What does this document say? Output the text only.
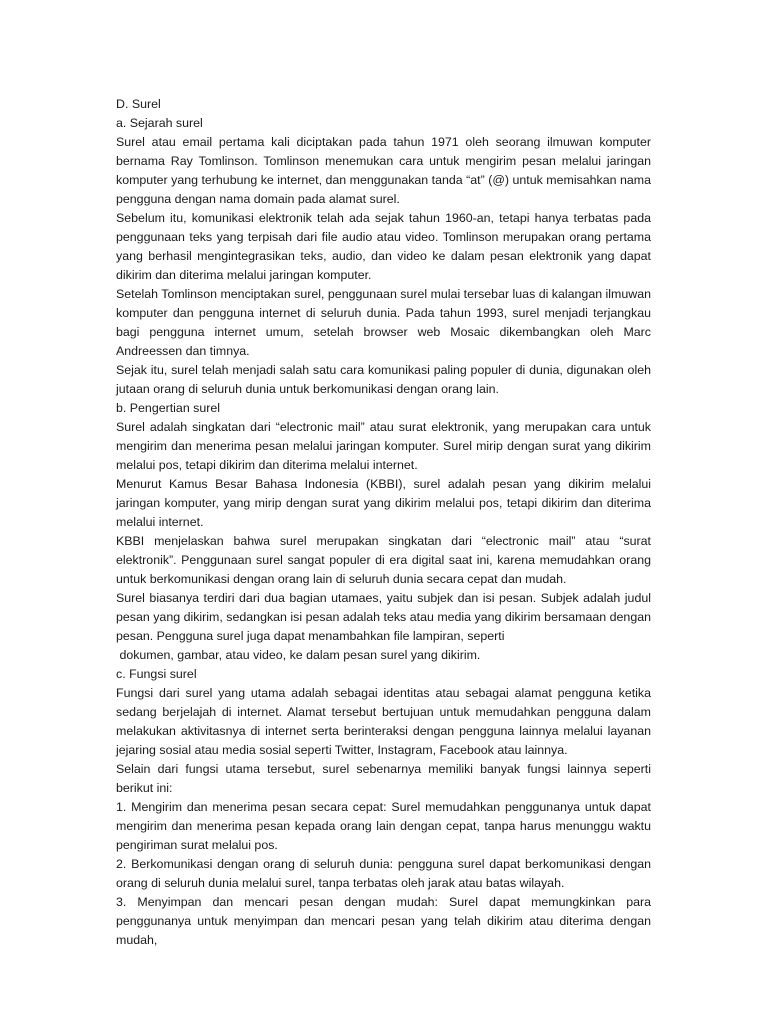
D. Surel

a. Sejarah surel

Surel atau email pertama kali diciptakan pada tahun 1971 oleh seorang ilmuwan komputer bernama Ray Tomlinson. Tomlinson menemukan cara untuk mengirim pesan melalui jaringan komputer yang terhubung ke internet, dan menggunakan tanda “at” (@) untuk memisahkan nama pengguna dengan nama domain pada alamat surel.

Sebelum itu, komunikasi elektronik telah ada sejak tahun 1960-an, tetapi hanya terbatas pada penggunaan teks yang terpisah dari file audio atau video. Tomlinson merupakan orang pertama yang berhasil mengintegrasikan teks, audio, dan video ke dalam pesan elektronik yang dapat dikirim dan diterima melalui jaringan komputer.

Setelah Tomlinson menciptakan surel, penggunaan surel mulai tersebar luas di kalangan ilmuwan komputer dan pengguna internet di seluruh dunia. Pada tahun 1993, surel menjadi terjangkau bagi pengguna internet umum, setelah browser web Mosaic dikembangkan oleh Marc Andreessen dan timnya.

Sejak itu, surel telah menjadi salah satu cara komunikasi paling populer di dunia, digunakan oleh jutaan orang di seluruh dunia untuk berkomunikasi dengan orang lain.

b. Pengertian surel

Surel adalah singkatan dari “electronic mail” atau surat elektronik, yang merupakan cara untuk mengirim dan menerima pesan melalui jaringan komputer. Surel mirip dengan surat yang dikirim melalui pos, tetapi dikirim dan diterima melalui internet.

Menurut Kamus Besar Bahasa Indonesia (KBBI), surel adalah pesan yang dikirim melalui jaringan komputer, yang mirip dengan surat yang dikirim melalui pos, tetapi dikirim dan diterima melalui internet.

KBBI menjelaskan bahwa surel merupakan singkatan dari “electronic mail” atau “surat elektronik”. Penggunaan surel sangat populer di era digital saat ini, karena memudahkan orang untuk berkomunikasi dengan orang lain di seluruh dunia secara cepat dan mudah.

Surel biasanya terdiri dari dua bagian utamaes, yaitu subjek dan isi pesan. Subjek adalah judul pesan yang dikirim, sedangkan isi pesan adalah teks atau media yang dikirim bersamaan dengan pesan. Pengguna surel juga dapat menambahkan file lampiran, seperti

dokumen, gambar, atau video, ke dalam pesan surel yang dikirim.

c. Fungsi surel

Fungsi dari surel yang utama adalah sebagai identitas atau sebagai alamat pengguna ketika sedang berjelajah di internet. Alamat tersebut bertujuan untuk memudahkan pengguna dalam melakukan aktivitasnya di internet serta berinteraksi dengan pengguna lainnya melalui layanan jejaring sosial atau media sosial seperti Twitter, Instagram, Facebook atau lainnya.

Selain dari fungsi utama tersebut, surel sebenarnya memiliki banyak fungsi lainnya seperti berikut ini:

1. Mengirim dan menerima pesan secara cepat: Surel memudahkan penggunanya untuk dapat mengirim dan menerima pesan kepada orang lain dengan cepat, tanpa harus menunggu waktu pengiriman surat melalui pos.

2. Berkomunikasi dengan orang di seluruh dunia: pengguna surel dapat berkomunikasi dengan orang di seluruh dunia melalui surel, tanpa terbatas oleh jarak atau batas wilayah.

3. Menyimpan dan mencari pesan dengan mudah: Surel dapat memungkinkan para penggunanya untuk menyimpan dan mencari pesan yang telah dikirim atau diterima dengan mudah,
